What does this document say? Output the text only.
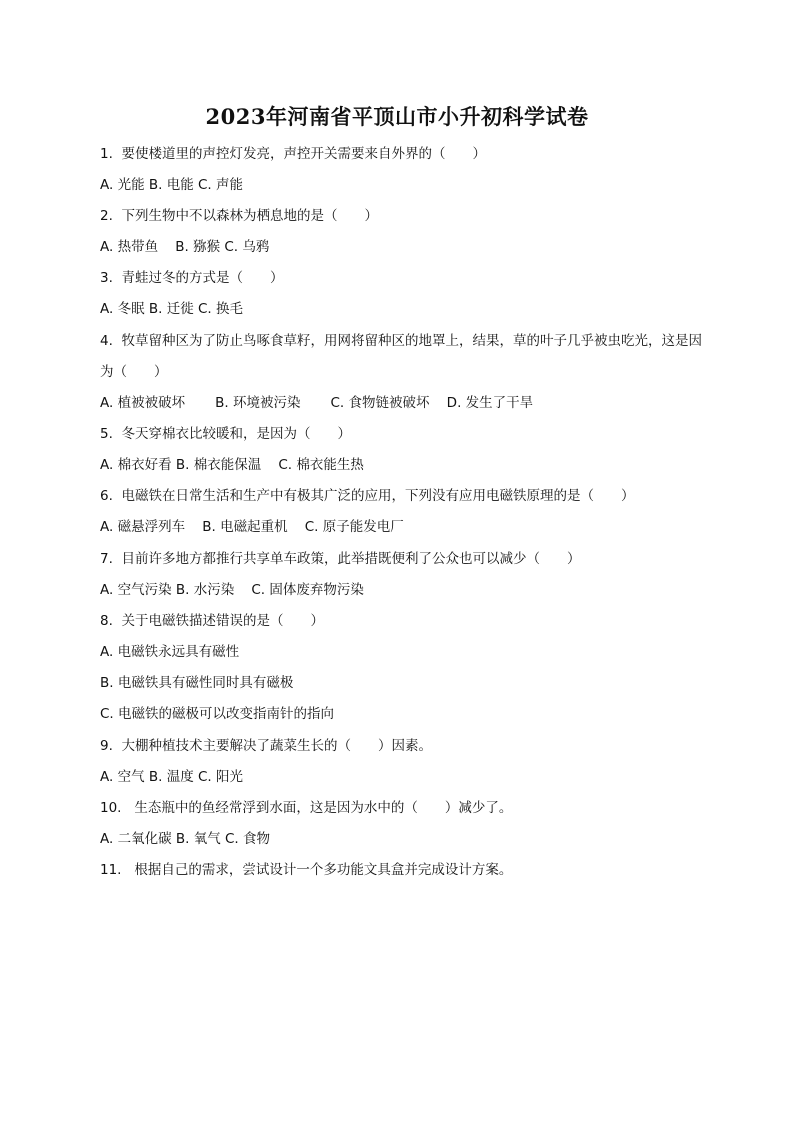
2023年河南省平顶山市小升初科学试卷
1.  要使楼道里的声控灯发亮，声控开关需要来自外界的（　　）
A. 光能 B. 电能 C. 声能
2.  下列生物中不以森林为栖息地的是（　　）
A. 热带鱼    B. 猕猴 C. 乌鸦
3.  青蛙过冬的方式是（　　）
A. 冬眠 B. 迁徙 C. 换毛
4.  牧草留种区为了防止鸟啄食草籽，用网将留种区的地罩上，结果，草的叶子几乎被虫吃光，这是因
为（　　）
A. 植被被破坏       B. 环境被污染       C. 食物链被破坏    D. 发生了干旱
5.  冬天穿棉衣比较暖和，是因为（　　）
A. 棉衣好看 B. 棉衣能保温    C. 棉衣能生热
6.  电磁铁在日常生活和生产中有极其广泛的应用，下列没有应用电磁铁原理的是（　　）
A. 磁悬浮列车    B. 电磁起重机    C. 原子能发电厂
7.  目前许多地方都推行共享单车政策，此举措既便利了公众也可以减少（　　）
A. 空气污染 B. 水污染    C. 固体废弃物污染
8.  关于电磁铁描述错误的是（　　）
A. 电磁铁永远具有磁性
B. 电磁铁具有磁性同时具有磁极
C. 电磁铁的磁极可以改变指南针的指向
9.  大棚种植技术主要解决了蔬菜生长的（　　）因素。
A. 空气 B. 温度 C. 阳光
10.   生态瓶中的鱼经常浮到水面，这是因为水中的（　　）减少了。
A. 二氧化碳 B. 氧气 C. 食物
11.   根据自己的需求，尝试设计一个多功能文具盒并完成设计方案。
